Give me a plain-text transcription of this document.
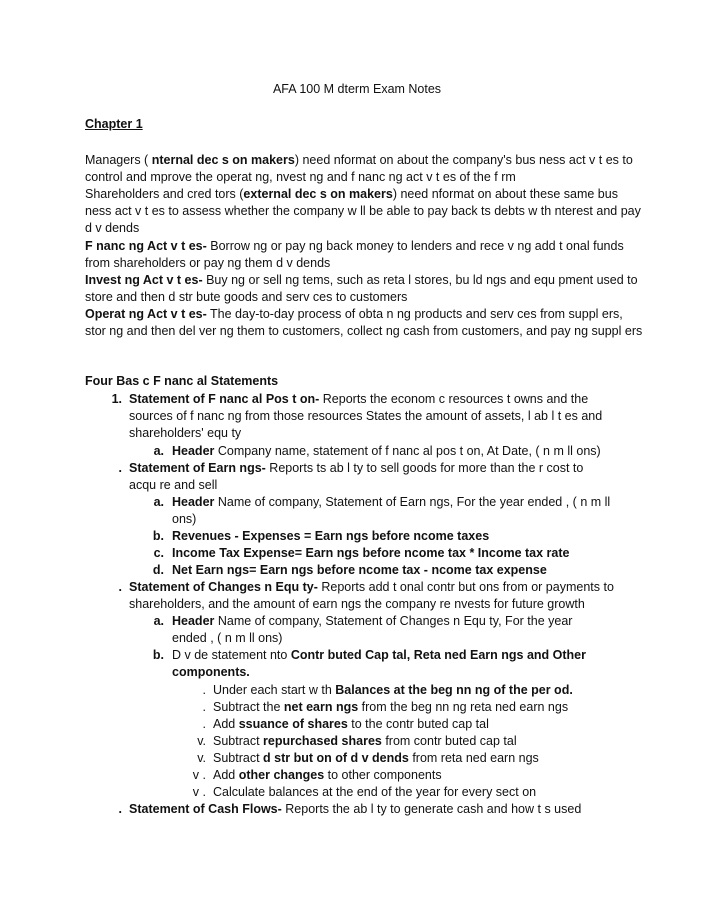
AFA 100 M dterm Exam Notes
Chapter 1
Managers ( nternal dec s on makers) need nformat on about the company's bus ness act v t es to control and mprove the operat ng, nvest ng and f nanc ng act v t es of the f rm
Shareholders and cred tors (external dec s on makers) need nformat on about these same bus ness act v t es to assess whether the company w ll be able to pay back ts debts w th nterest and pay d v dends
F nanc ng Act v t es- Borrow ng or pay ng back money to lenders and rece v ng add t onal funds from shareholders or pay ng them d v dends
Invest ng Act v t es- Buy ng or sell ng tems, such as reta l stores, bu ld ngs and equ pment used to store and then d str bute goods and serv ces to customers
Operat ng Act v t es- The day-to-day process of obta n ng products and serv ces from suppl ers, stor ng and then del ver ng them to customers, collect ng cash from customers, and pay ng suppl ers
Four Bas c F nanc al Statements
1. Statement of F nanc al Pos t on- Reports the econom c resources t owns and the sources of f nanc ng from those resources States the amount of assets, l ab l t es and shareholders' equ ty
a. Header Company name, statement of f nanc al pos t on, At Date, ( n m ll ons)
. Statement of Earn ngs- Reports ts ab l ty to sell goods for more than the r cost to acqu re and sell
a. Header Name of company, Statement of Earn ngs, For the year ended , ( n m ll ons)
b. Revenues - Expenses = Earn ngs before ncome taxes
c. Income Tax Expense= Earn ngs before ncome tax * Income tax rate
d. Net Earn ngs= Earn ngs before ncome tax - ncome tax expense
. Statement of Changes n Equ ty- Reports add t onal contr but ons from or payments to shareholders, and the amount of earn ngs the company re nvests for future growth
a. Header Name of company, Statement of Changes n Equ ty, For the year ended , ( n m ll ons)
b. D v de statement nto Contr buted Cap tal, Reta ned Earn ngs and Other components.
. Under each start w th Balances at the beg nn ng of the per od.
. Subtract the net earn ngs from the beg nn ng reta ned earn ngs
. Add ssuance of shares to the contr buted cap tal
v. Subtract repurchased shares from contr buted cap tal
v. Subtract d str but on of d v dends from reta ned earn ngs
v . Add other changes to other components
v . Calculate balances at the end of the year for every sect on
. Statement of Cash Flows- Reports the ab l ty to generate cash and how t s used
